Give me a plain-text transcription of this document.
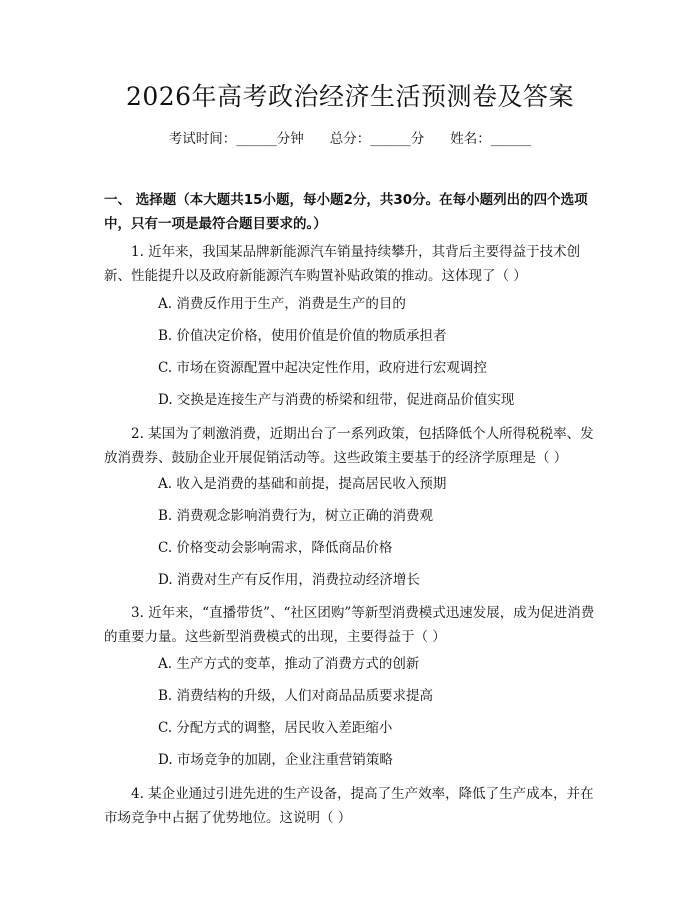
2026年高考政治经济生活预测卷及答案
考试时间：______分钟 总分：______分 姓名：______
一、 选择题（本大题共15小题，每小题2分，共30分。在每小题列出的四个选项中，只有一项是最符合题目要求的。）
1. 近年来，我国某品牌新能源汽车销量持续攀升，其背后主要得益于技术创新、性能提升以及政府新能源汽车购置补贴政策的推动。这体现了（ ）
A. 消费反作用于生产，消费是生产的目的
B. 价值决定价格，使用价值是价值的物质承担者
C. 市场在资源配置中起决定性作用，政府进行宏观调控
D. 交换是连接生产与消费的桥梁和纽带，促进商品价值实现
2. 某国为了刺激消费，近期出台了一系列政策，包括降低个人所得税税率、发放消费券、鼓励企业开展促销活动等。这些政策主要基于的经济学原理是（ ）
A. 收入是消费的基础和前提，提高居民收入预期
B. 消费观念影响消费行为，树立正确的消费观
C. 价格变动会影响需求，降低商品价格
D. 消费对生产有反作用，消费拉动经济增长
3. 近年来，“直播带货”、“社区团购”等新型消费模式迅速发展，成为促进消费的重要力量。这些新型消费模式的出现，主要得益于（ ）
A. 生产方式的变革，推动了消费方式的创新
B. 消费结构的升级，人们对商品品质要求提高
C. 分配方式的调整，居民收入差距缩小
D. 市场竞争的加剧，企业注重营销策略
4. 某企业通过引进先进的生产设备，提高了生产效率，降低了生产成本，并在市场竞争中占据了优势地位。这说明（ ）
